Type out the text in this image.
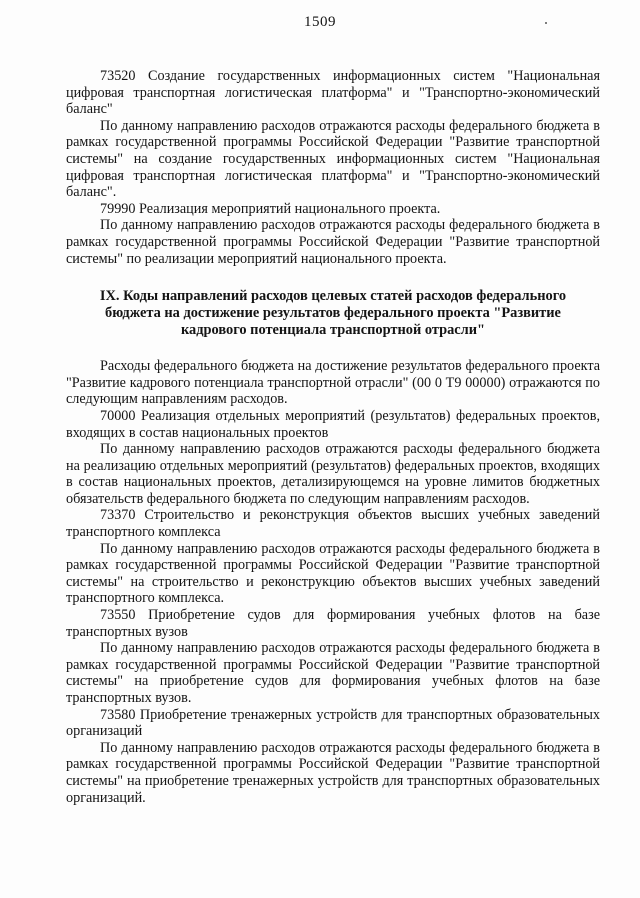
1509

73520 Создание государственных информационных систем "Национальная цифровая транспортная логистическая платформа" и "Транспортно-экономический баланс"

По данному направлению расходов отражаются расходы федерального бюджета в рамках государственной программы Российской Федерации "Развитие транспортной системы" на создание государственных информационных систем "Национальная цифровая транспортная логистическая платформа" и "Транспортно-экономический баланс".

79990 Реализация мероприятий национального проекта.

По данному направлению расходов отражаются расходы федерального бюджета в рамках государственной программы Российской Федерации "Развитие транспортной системы" по реализации мероприятий национального проекта.

IX. Коды направлений расходов целевых статей расходов федерального бюджета на достижение результатов федерального проекта "Развитие кадрового потенциала транспортной отрасли"

Расходы федерального бюджета на достижение результатов федерального проекта "Развитие кадрового потенциала транспортной отрасли" (00 0 Т9 00000) отражаются по следующим направлениям расходов.

70000 Реализация отдельных мероприятий (результатов) федеральных проектов, входящих в состав национальных проектов

По данному направлению расходов отражаются расходы федерального бюджета на реализацию отдельных мероприятий (результатов) федеральных проектов, входящих в состав национальных проектов, детализирующемся на уровне лимитов бюджетных обязательств федерального бюджета по следующим направлениям расходов.

73370 Строительство и реконструкция объектов высших учебных заведений транспортного комплекса

По данному направлению расходов отражаются расходы федерального бюджета в рамках государственной программы Российской Федерации "Развитие транспортной системы" на строительство и реконструкцию объектов высших учебных заведений транспортного комплекса.

73550 Приобретение судов для формирования учебных флотов на базе транспортных вузов

По данному направлению расходов отражаются расходы федерального бюджета в рамках государственной программы Российской Федерации "Развитие транспортной системы" на приобретение судов для формирования учебных флотов на базе транспортных вузов.

73580 Приобретение тренажерных устройств для транспортных образовательных организаций

По данному направлению расходов отражаются расходы федерального бюджета в рамках государственной программы Российской Федерации "Развитие транспортной системы" на приобретение тренажерных устройств для транспортных образовательных организаций.
